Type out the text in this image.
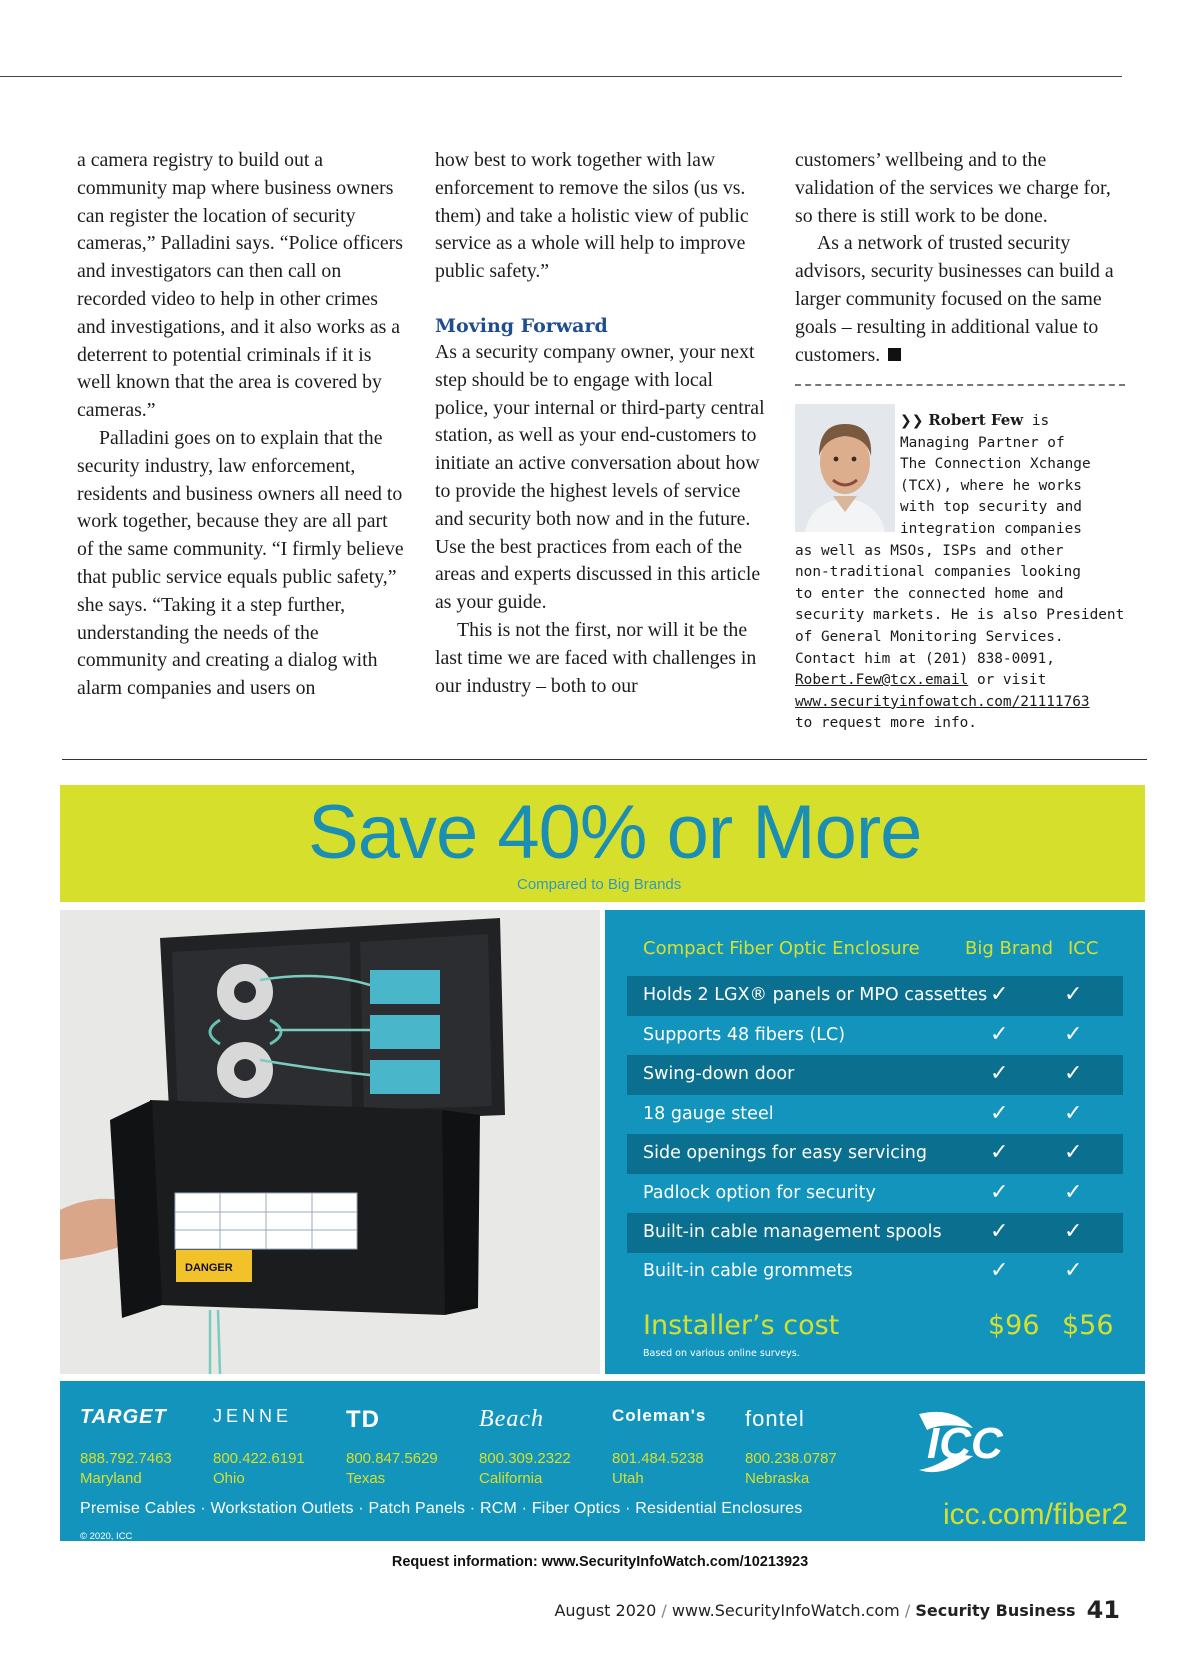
a camera registry to build out a community map where business owners can register the location of security cameras,” Palladini says. “Police officers and investigators can then call on recorded video to help in other crimes and investigations, and it also works as a deterrent to potential criminals if it is well known that the area is covered by cameras.”

Palladini goes on to explain that the security industry, law enforcement, residents and business owners all need to work together, because they are all part of the same community. “I firmly believe that public service equals public safety,” she says. “Taking it a step further, understanding the needs of the community and creating a dialog with alarm companies and users on

how best to work together with law enforcement to remove the silos (us vs. them) and take a holistic view of public service as a whole will help to improve public safety.”

Moving Forward

As a security company owner, your next step should be to engage with local police, your internal or third-party central station, as well as your end-customers to initiate an active conversation about how to provide the highest levels of service and security both now and in the future. Use the best practices from each of the areas and experts discussed in this article as your guide.

This is not the first, nor will it be the last time we are faced with challenges in our industry – both to our

customers’ wellbeing and to the validation of the services we charge for, so there is still work to be done.

As a network of trusted security advisors, security businesses can build a larger community focused on the same goals – resulting in additional value to customers.

❯❯ Robert Few is
Managing Partner of
The Connection Xchange
(TCX), where he works
with top security and
integration companies
as well as MSOs, ISPs and other
non-traditional companies looking
to enter the connected home and
security markets. He is also President
of General Monitoring Services.
Contact him at (201) 838-0091,
Robert.Few@tcx.email or visit
www.securityinfowatch.com/21111763
to request more info.
Save 40% or More
Compared to Big Brands
DANGER
Compact Fiber Optic Enclosure	Big Brand ICC
Holds 2 LGX® panels or MPO cassettes ✓	✓
Supports 48 fibers (LC)	✓	✓
Swing-down door	✓	✓
18 gauge steel	✓	✓
Side openings for easy servicing	✓	✓
Padlock option for security	✓	✓
Built-in cable management spools ✓	✓
Built-in cable grommets	✓	✓
Installer’s cost	$96 $56
Based on various online surveys.
TARGET
888.792.7463
Maryland
JENNE
800.422.6191
Ohio
TD
800.847.5629
Texas
Beach
800.309.2322
California
Coleman's
801.484.5238
Utah
fontel
800.238.0787
Nebraska
Premise Cables · Workstation Outlets · Patch Panels · RCM · Fiber Optics · Residential Enclosures
© 2020, ICC
ICC
icc.com/fiber2
Request information: www.SecurityInfoWatch.com/10213923
August 2020 / www.SecurityInfoWatch.com / Security Business 41
